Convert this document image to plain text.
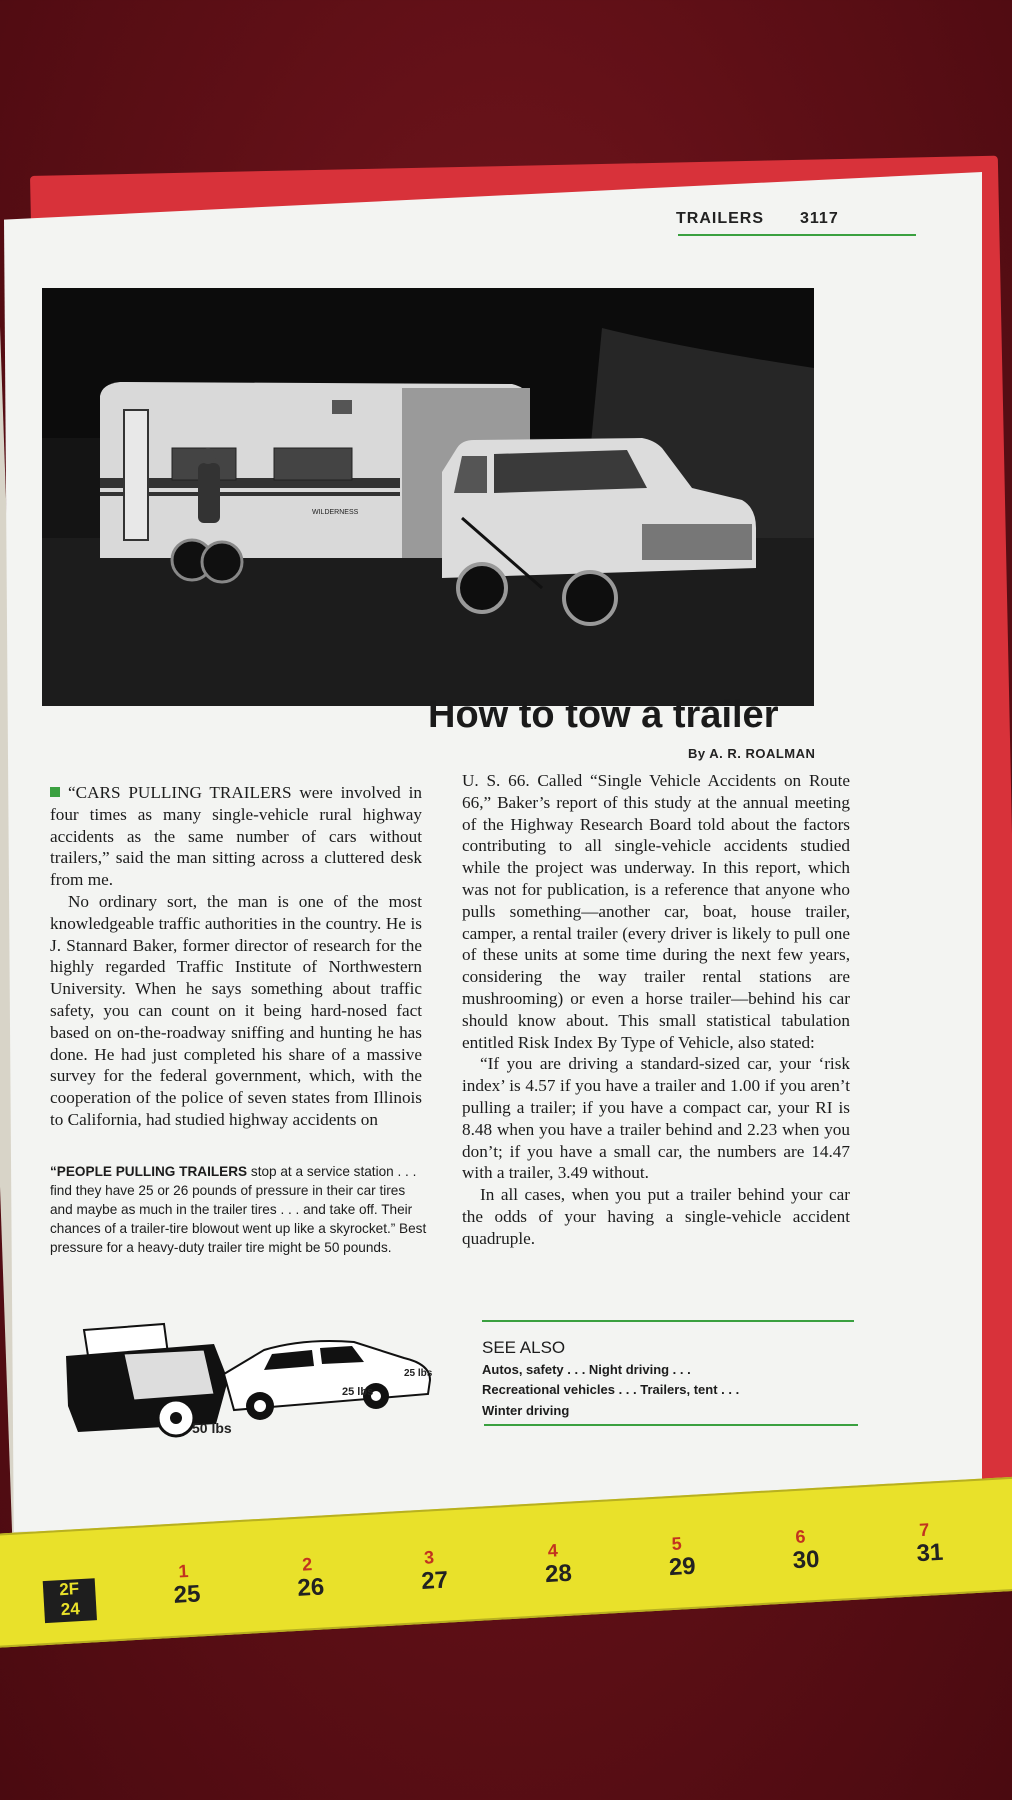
TRAILERS 3117
WILDERNESS
How to tow a trailer
By A. R. ROALMAN

“CARS PULLING TRAILERS were involved in four times as many single-vehicle rural highway accidents as the same number of cars without trailers,” said the man sitting across a cluttered desk from me.

No ordinary sort, the man is one of the most knowledgeable traffic authorities in the country. He is J. Stannard Baker, former director of research for the highly regarded Traffic Institute of Northwestern University. When he says something about traffic safety, you can count on it being hard-nosed fact based on on-the-roadway sniffing and hunting he has done. He had just completed his share of a massive survey for the federal government, which, with the cooperation of the police of seven states from Illinois to California, had studied highway accidents on

U. S. 66. Called “Single Vehicle Accidents on Route 66,” Baker’s report of this study at the annual meeting of the Highway Research Board told about the factors contributing to all single-vehicle accidents studied while the project was underway. In this report, which was not for publication, is a reference that anyone who pulls something—another car, boat, house trailer, camper, a rental trailer (every driver is likely to pull one of these units at some time during the next few years, considering the way trailer rental stations are mushrooming) or even a horse trailer—behind his car should know about. This small statistical tabulation entitled Risk Index By Type of Vehicle, also stated:

“If you are driving a standard-sized car, your ‘risk index’ is 4.57 if you have a trailer and 1.00 if you aren’t pulling a trailer; if you have a compact car, your RI is 8.48 when you have a trailer behind and 2.23 when you don’t; if you have a small car, the numbers are 14.47 with a trailer, 3.49 without.

In all cases, when you put a trailer behind your car the odds of your having a single-vehicle accident quadruple.

“PEOPLE PULLING TRAILERS stop at a service station . . . find they have 25 or 26 pounds of pressure in their car tires and maybe as much in the trailer tires . . . and take off. Their chances of a trailer-tire blowout went up like a skyrocket.” Best pressure for a heavy-duty trailer tire might be 50 pounds.
50 lbs
25 lbs
25 lbs
SEE ALSO
Autos, safety . . . Night driving . . .
Recreational vehicles . . . Trailers, tent . . .
Winter driving
2F
24
1	2	3	4	5	6	7
25	26	27	28	29	30	31
